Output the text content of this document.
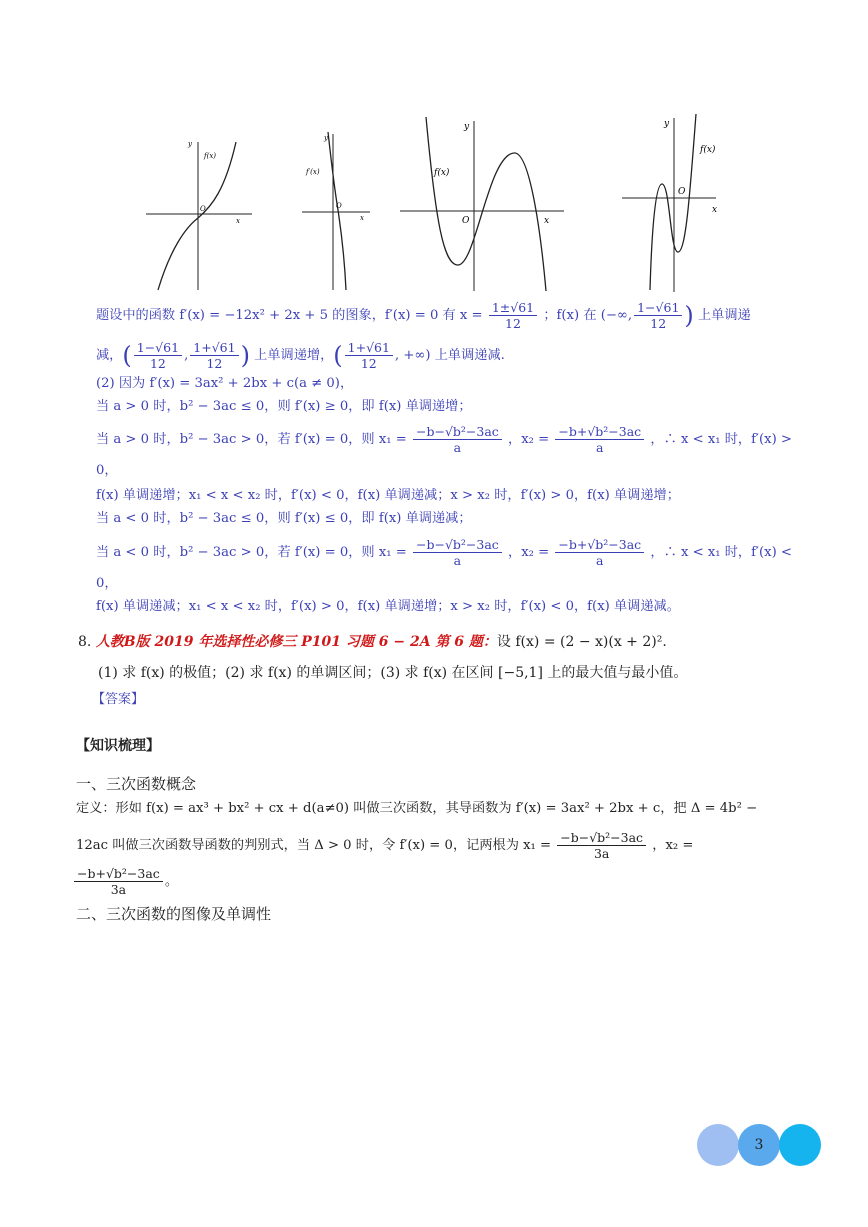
y
f(x)
O
x
y
f′(x)
O
x
y
f(x)
O	x
y
f(x)
O
x
题设中的函数 f′(x) = −12x² + 2x + 5 的图象，f′(x) = 0 有 $x = \frac{1\pm√61}{12}$ ；f(x) 在 (−∞, $\frac{1-√61}{12}$ ) 上单调递
减，( $\frac{1-√61}{12}$ , $\frac{1+√61}{12}$ ) 上单调递增，( $\frac{1+√61}{12}$ , +∞) 上单调递减.
(2) 因为 f′(x) = 3ax² + 2bx + c(a ≠ 0)，
当 a > 0 时，b² − 3ac ≤ 0，则 f′(x) ≥ 0，即 f(x) 单调递增；
当 a > 0 时，b² − 3ac > 0，若 f′(x) = 0，则 $x_1 = \frac{\text{−b−√b²−3ac}}{a}$ ，$x_2 = \frac{\text{−b+√b²−3ac}}{a}$ ，∴ x < x₁ 时，f′(x) >
0，
f(x) 单调递增；x₁ < x < x₂ 时，f′(x) < 0，f(x) 单调递减；x > x₂ 时，f′(x) > 0，f(x) 单调递增；
当 a < 0 时，b² − 3ac ≤ 0，则 f′(x) ≤ 0，即 f(x) 单调递减；
当 a < 0 时，b² − 3ac > 0，若 f′(x) = 0，则 $x_1 = \frac{\text{−b−√b²−3ac}}{a}$ ，$x_2 = \frac{\text{−b+√b²−3ac}}{a}$ ，∴ x < x₁ 时，f′(x) <
0，
f(x) 单调递减；x₁ < x < x₂ 时，f′(x) > 0，f(x) 单调递增；x > x₂ 时，f′(x) < 0，f(x) 单调递减。
8. 人教B版 2019 年选择性必修三 P101 习题 6 − 2A 第 6 题：设 f(x) = (2 − x)(x + 2)².
(1) 求 f(x) 的极值；(2) 求 f(x) 的单调区间；(3) 求 f(x) 在区间 [−5,1] 上的最大值与最小值。
【答案】
【知识梳理】
一、三次函数概念
定义：形如 f(x) = ax³ + bx² + cx + d(a≠0) 叫做三次函数，其导函数为 f′(x) = 3ax² + 2bx + c，把 Δ = 4b² −
12ac 叫做三次函数导函数的判别式，当 Δ > 0 时，令 f′(x) = 0，记两根为 $x_1 = \frac{\text{−b−√b²−3ac}}{3a}$ ，x₂ =
$\frac{\text{−b+√b²−3ac}}{3a}$ 。
二、三次函数的图像及单调性
3
